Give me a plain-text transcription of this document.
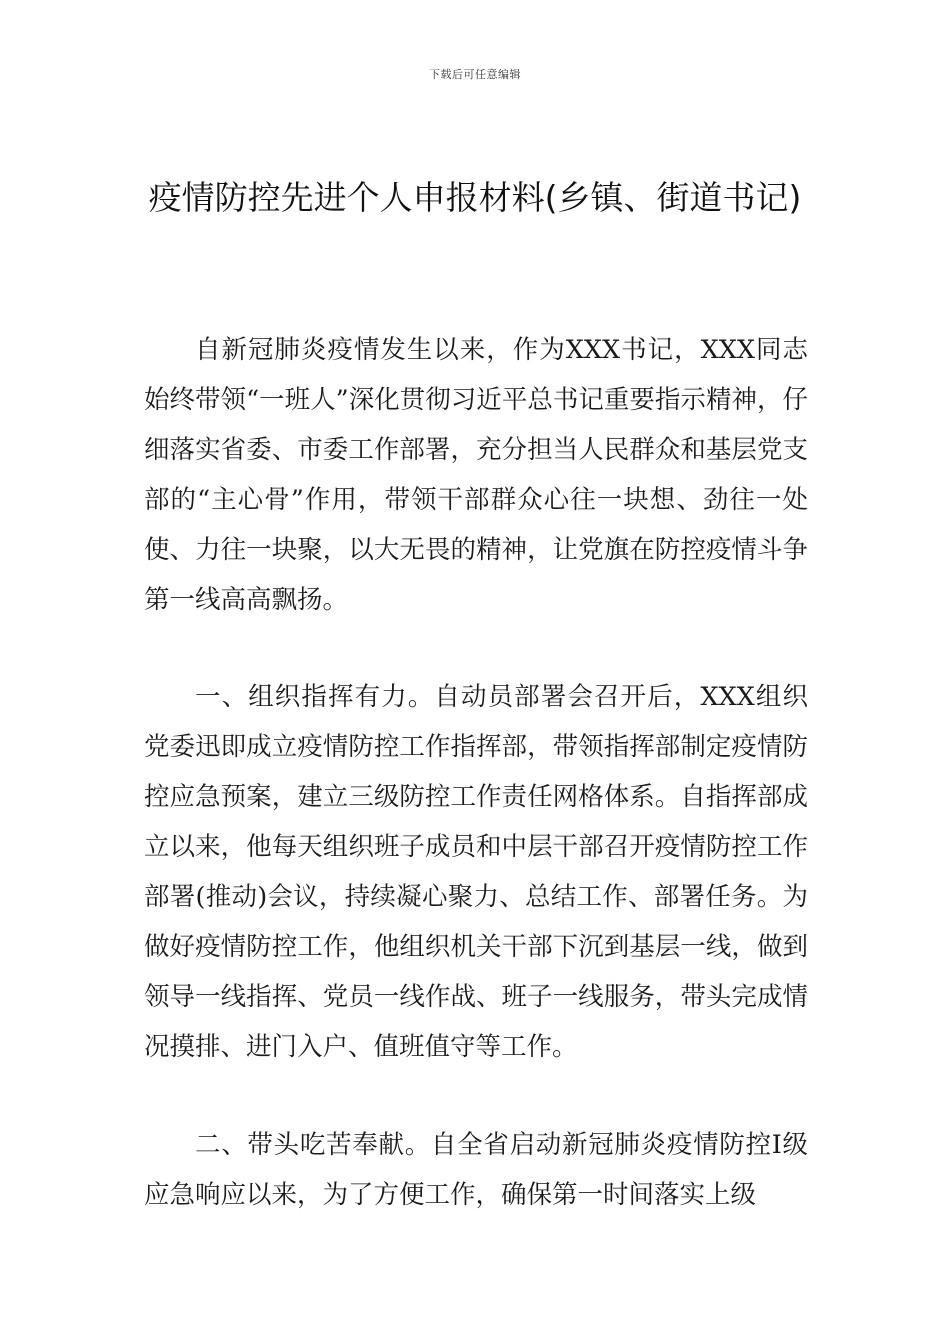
下载后可任意编辑
疫情防控先进个人申报材料(乡镇、街道书记)

自新冠肺炎疫情发生以来，作为XXX书记，XXX同志始终带领“一班人”深化贯彻习近平总书记重要指示精神，仔细落实省委、市委工作部署，充分担当人民群众和基层党支部的“主心骨”作用，带领干部群众心往一块想、劲往一处使、力往一块聚，以大无畏的精神，让党旗在防控疫情斗争第一线高高飘扬。

一、组织指挥有力。自动员部署会召开后，XXX组织党委迅即成立疫情防控工作指挥部，带领指挥部制定疫情防控应急预案，建立三级防控工作责任网格体系。自指挥部成立以来，他每天组织班子成员和中层干部召开疫情防控工作部署(推动)会议，持续凝心聚力、总结工作、部署任务。为做好疫情防控工作，他组织机关干部下沉到基层一线，做到领导一线指挥、党员一线作战、班子一线服务，带头完成情况摸排、进门入户、值班值守等工作。

二、带头吃苦奉献。自全省启动新冠肺炎疫情防控Ⅰ级应急响应以来，为了方便工作，确保第一时间落实上级
